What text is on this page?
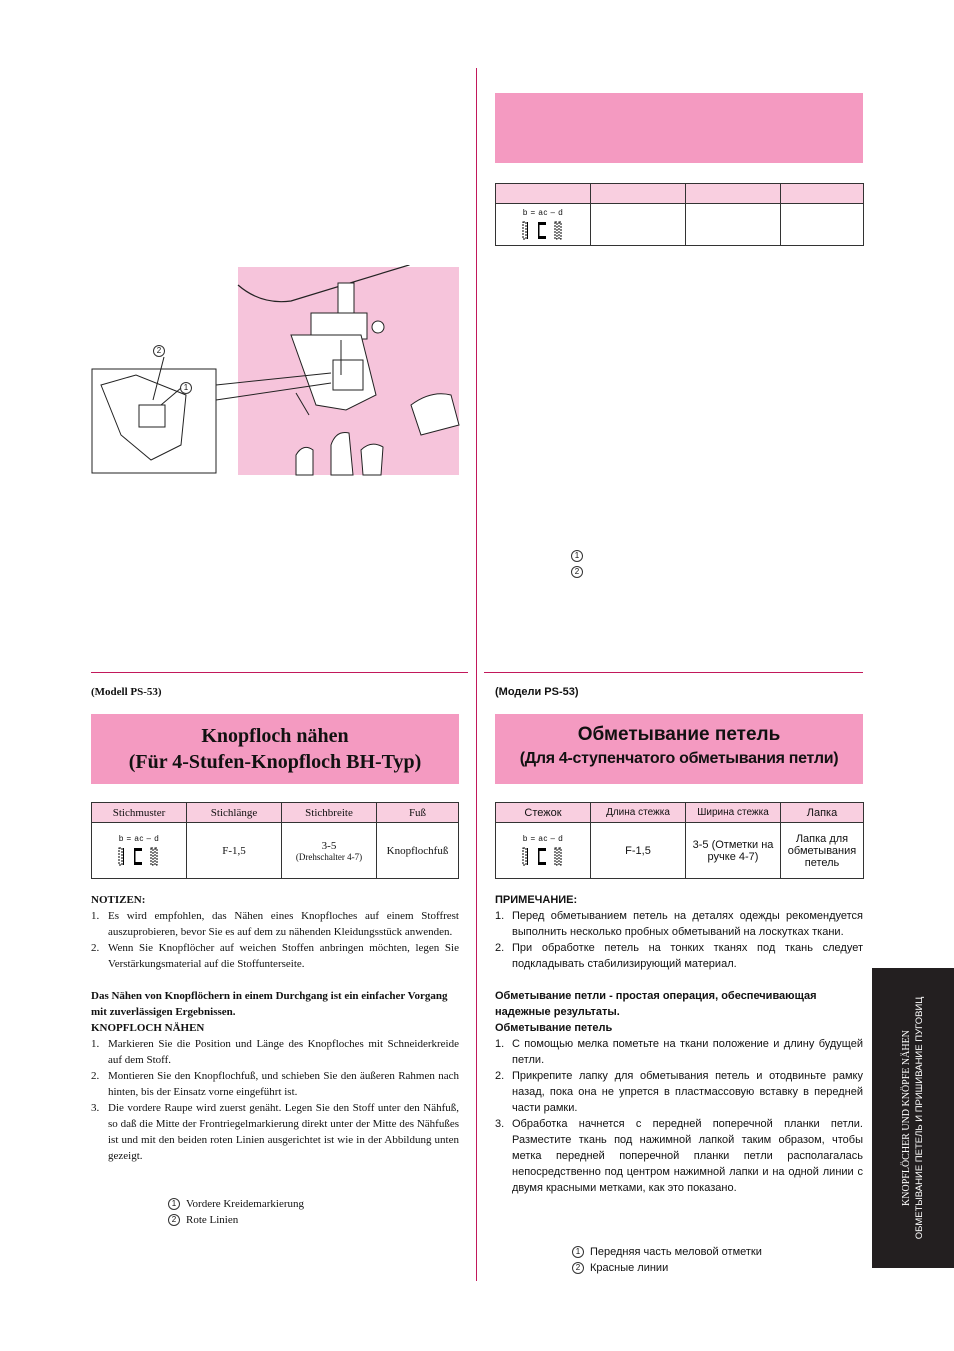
b = ac – d			

2
1
1
2
(Modell PS-53)
Knopfloch nähen
(Für 4-Stufen-Knopfloch BH-Typ)
Stichmuster	Stichlänge	Stichbreite	Fuß

b = ac – d	F-1,5	3-5
(Drehschalter 4-7)	Knopflochfuß

NOTIZEN:

1. Es wird empfohlen, das Nähen eines Knopfloches auf einem Stoffrest auszuprobieren, bevor Sie es auf dem zu nähenden Kleidungsstück anwenden.
2. Wenn Sie Knopflöcher auf weichen Stoffen anbringen möchten, legen Sie Verstärkungsmaterial auf die Stoffunterseite.

Das Nähen von Knopflöchern in einem Durchgang ist ein einfacher Vorgang mit zuverlässigen Ergebnissen.

KNOPFLOCH NÄHEN

1. Markieren Sie die Position und Länge des Knopfloches mit Schneiderkreide auf dem Stoff.
2. Montieren Sie den Knopflochfuß, und schieben Sie den äußeren Rahmen nach hinten, bis der Einsatz vorne eingeführt ist.
3. Die vordere Raupe wird zuerst genäht. Legen Sie den Stoff unter den Nähfuß, so daß die Mitte der Frontriegelmarkierung direkt unter der Mitte des Nähfußes ist und mit den beiden roten Linien ausgerichtet ist wie in der Abbildung unten gezeigt.

1 Vordere Kreidemarkierung

2 Rote Linien

(Модели PS-53)
Обметывание петель
(Для 4-ступенчатого обметывания петли)
Стежок	Длина стежка	Ширина стежка	Лапка

b = ac – d	F-1,5	3-5 (Отметки на ручке 4-7)	Лапка для обметывания петель

ПРИМЕЧАНИЕ:

1. Перед обметыванием петель на деталях одежды рекомендуется выполнить несколько пробных обметываний на лоскутках ткани.
2. При обработке петель на тонких тканях под ткань следует подкладывать стабилизирующий материал.

Обметывание петли - простая операция, обеспечивающая надежные результаты.

Обметывание петель

1. С помощью мелка пометьте на ткани положение и длину будущей петли.
2. Прикрепите лапку для обметывания петель и отодвиньте рамку назад, пока она не упрется в пластмассовую вставку в передней части рамки.
3. Обработка начнется с передней поперечной планки петли. Разместите ткань под нажимной лапкой таким образом, чтобы метка передней поперечной планки петли располагалась непосредственно под центром нажимной лапки и на одной линии с двумя красными метками, как это показано.

1 Передняя часть меловой отметки

2 Красные линии

KNOPFLÖCHER UND KNÖPFE NÄHEN ОБМЕТЫВАНИЕ ПЕТЕЛЬ И ПРИШИВАНИЕ ПУГОВИЦ
